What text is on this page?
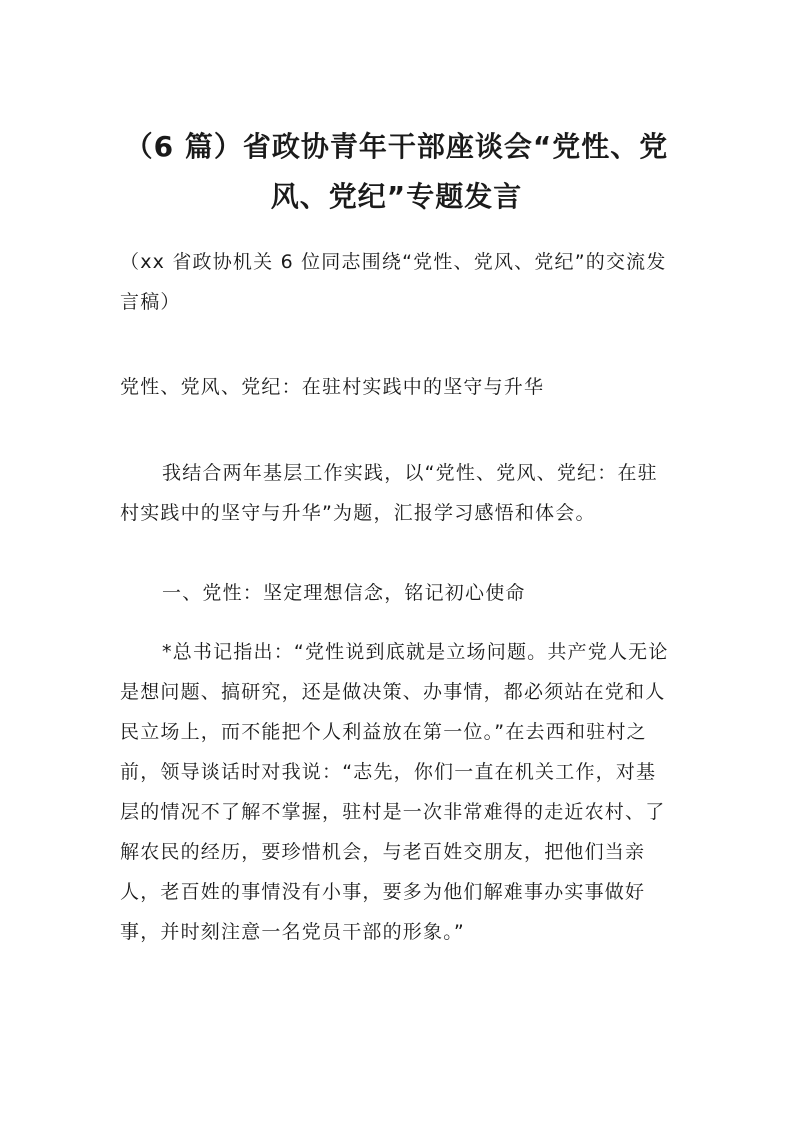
（6 篇）省政协青年干部座谈会“党性、党
风、党纪”专题发言

（xx 省政协机关 6 位同志围绕“党性、党风、党纪”的交流发言稿）

党性、党风、党纪：在驻村实践中的坚守与升华

我结合两年基层工作实践，以“党性、党风、党纪：在驻村实践中的坚守与升华”为题，汇报学习感悟和体会。

一、党性：坚定理想信念，铭记初心使命

*总书记指出：“党性说到底就是立场问题。共产党人无论是想问题、搞研究，还是做决策、办事情，都必须站在党和人民立场上，而不能把个人利益放在第一位。”在去西和驻村之前，领导谈话时对我说：“志先，你们一直在机关工作，对基层的情况不了解不掌握，驻村是一次非常难得的走近农村、了解农民的经历，要珍惜机会，与老百姓交朋友，把他们当亲人，老百姓的事情没有小事，要多为他们解难事办实事做好事，并时刻注意一名党员干部的形象。”
